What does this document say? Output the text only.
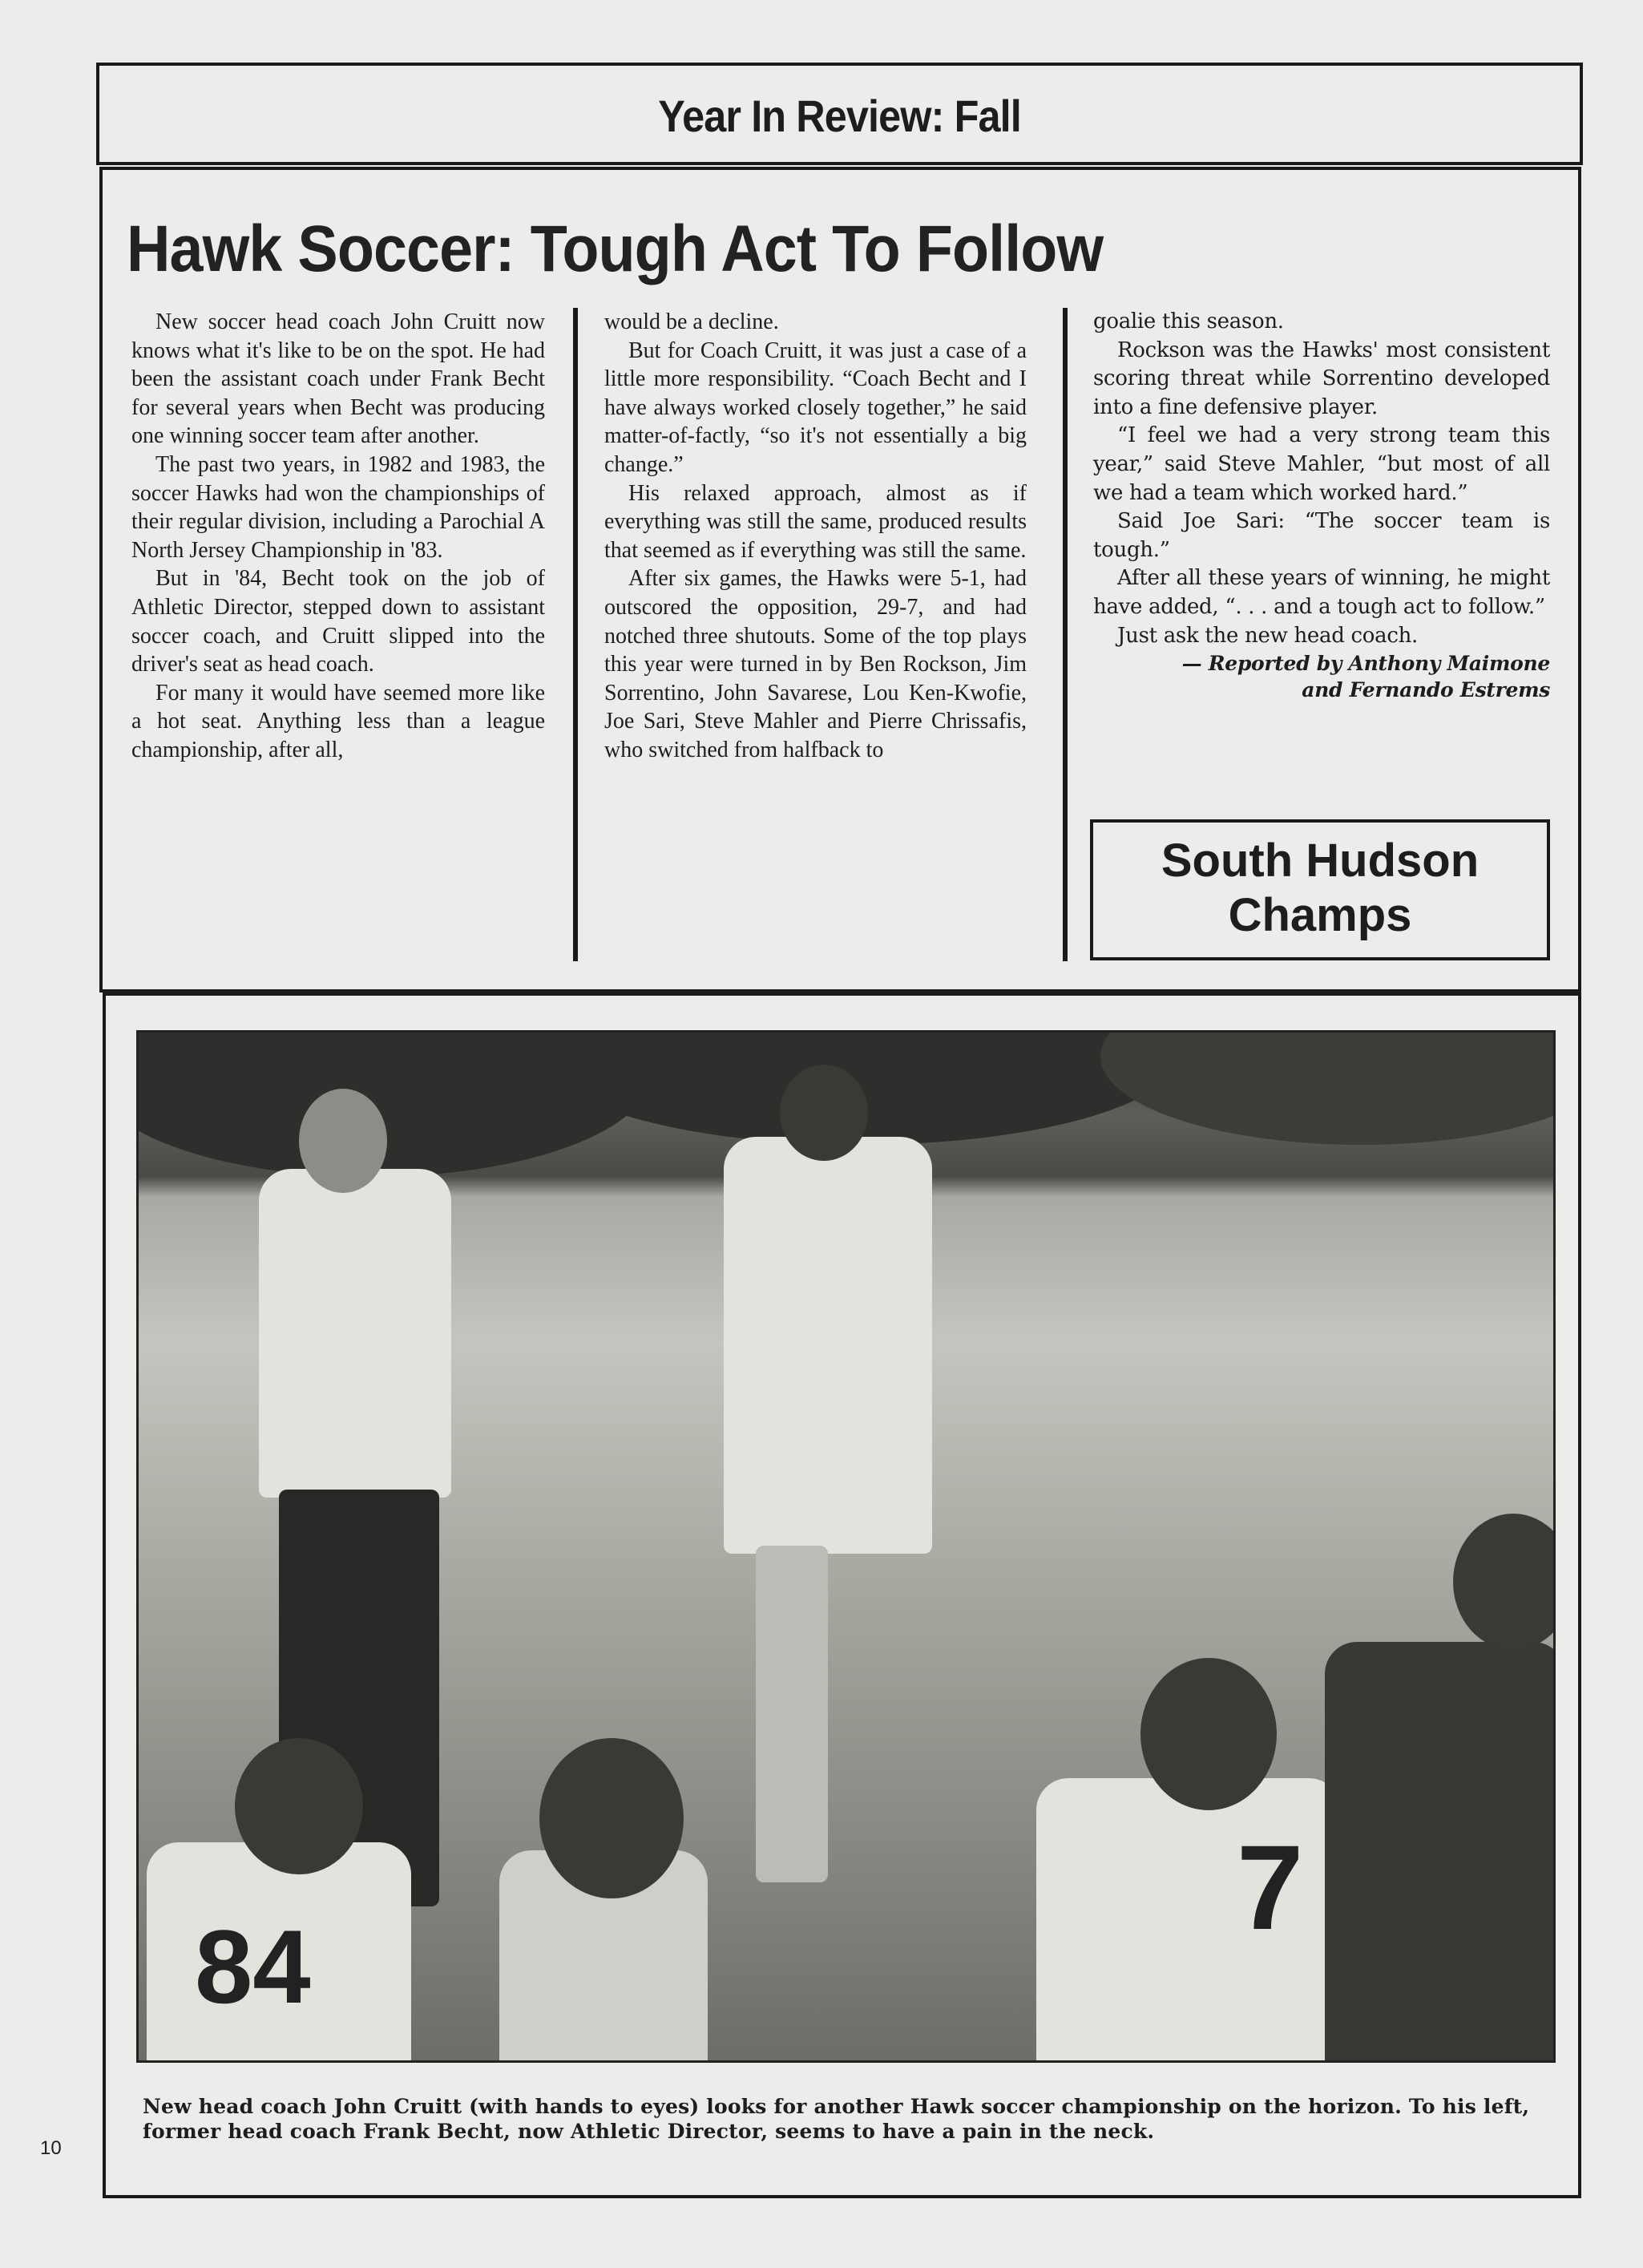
Year In Review: Fall
Hawk Soccer: Tough Act To Follow

New soccer head coach John Cruitt now knows what it's like to be on the spot. He had been the assistant coach under Frank Becht for several years when Becht was producing one winning soccer team after another.

The past two years, in 1982 and 1983, the soccer Hawks had won the championships of their regular division, including a Parochial A North Jersey Championship in '83.

But in '84, Becht took on the job of Athletic Director, stepped down to assistant soccer coach, and Cruitt slipped into the driver's seat as head coach.

For many it would have seemed more like a hot seat. Anything less than a league championship, after all,

would be a decline.

But for Coach Cruitt, it was just a case of a little more responsibility. “Coach Becht and I have always worked closely together,” he said matter-of-factly, “so it's not essentially a big change.”

His relaxed approach, almost as if everything was still the same, produced results that seemed as if everything was still the same.

After six games, the Hawks were 5-1, had outscored the opposition, 29-7, and had notched three shutouts. Some of the top plays this year were turned in by Ben Rockson, Jim Sorrentino, John Savarese, Lou Ken-Kwofie, Joe Sari, Steve Mahler and Pierre Chrissafis, who switched from halfback to

goalie this season.

Rockson was the Hawks' most consistent scoring threat while Sorrentino developed into a fine defensive player.

“I feel we had a very strong team this year,” said Steve Mahler, “but most of all we had a team which worked hard.”

Said Joe Sari: “The soccer team is tough.”

After all these years of winning, he might have added, “. . . and a tough act to follow.”

Just ask the new head coach.

— Reported by Anthony Maimone
and Fernando Estrems

South Hudson
Champs
84
7
New head coach John Cruitt (with hands to eyes) looks for another Hawk soccer championship on the horizon. To his left, former head coach Frank Becht, now Athletic Director, seems to have a pain in the neck.
10
